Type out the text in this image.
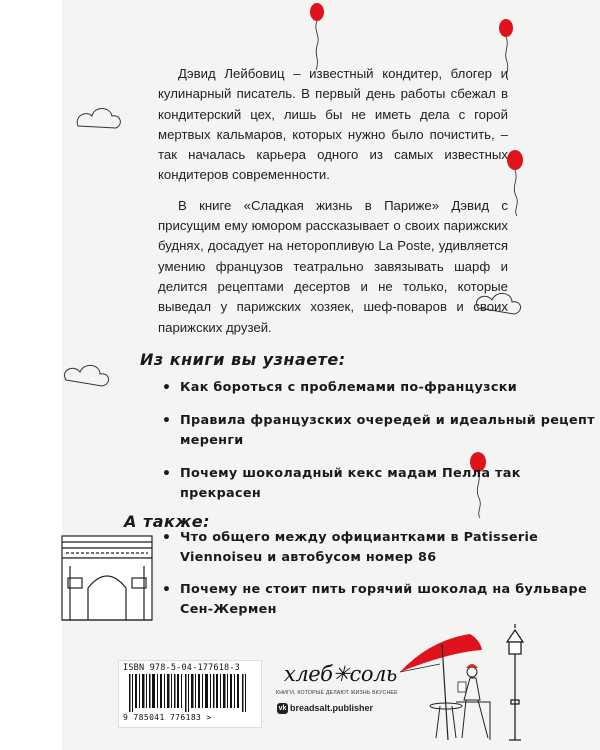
Дэвид Лейбовиц – известный кондитер, блогер и кулинарный писатель. В первый день работы сбежал в кондитерский цех, лишь бы не иметь дела с горой мертвых кальмаров, которых нужно было почистить, – так началась карьера одного из самых известных кондитеров современности.

В книге «Сладкая жизнь в Париже» Дэвид с присущим ему юмором рассказывает о своих парижских буднях, досадует на неторопливую La Poste, удивляется умению французов театрально завязывать шарф и делится рецептами десертов и не только, которые выведал у парижских хозяек, шеф-поваров и своих парижских друзей.

Из книги вы узнаете:
• Как бороться с проблемами по-французски
• Правила французских очередей и идеальный рецепт меренги
• Почему шоколадный кекс мадам Пелла так прекрасен
А также:
• Что общего между официантками в Patisserie Viennoiseu и автобусом номер 86
• Почему не стоит пить горячий шоколад на бульваре Сен-Жермен
ISBN 978-5-04-177618-3
9 785041 776183 >
хлеб✳соль
КНИГИ, КОТОРЫЕ ДЕЛАЮТ ЖИЗНЬ ВКУСНЕЕ
vk breadsalt.publisher
